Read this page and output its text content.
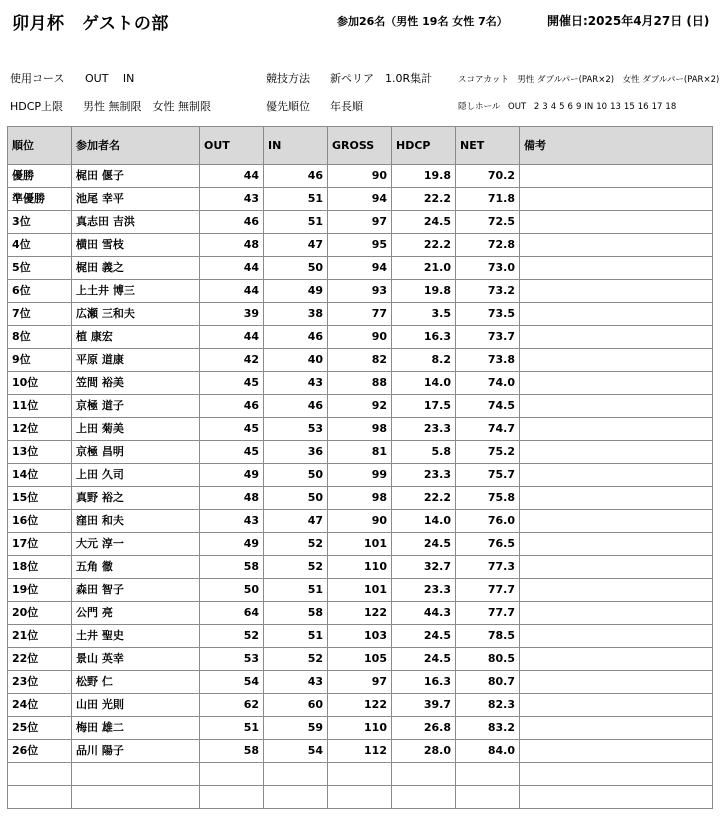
卯月杯　ゲストの部	参加26名（男性 19名 女性 7名）	開催日:2025年4月27日 (日)
使用コース OUT　 IN
HDCP上限 男性 無制限　女性 無制限
競技方法 新ペリア　1.0R集計
優先順位 年長順
スコアカット　男性 ダブルパー(PAR×2)　女性 ダブルパー(PAR×2)
隠しホール OUT 2 3 4 5 6 9 IN 10 13 15 16 17 18
順位	参加者名	OUT	IN	GROSS	HDCP	NET	備考
優勝	梶田 偃子	44	46	90	19.8	70.2	
準優勝	池尾 幸平	43	51	94	22.2	71.8	
3位	真志田 吉洪	46	51	97	24.5	72.5	
4位	横田 雪枝	48	47	95	22.2	72.8	
5位	梶田 義之	44	50	94	21.0	73.0	
6位	上土井 博三	44	49	93	19.8	73.2	
7位	広瀬 三和夫	39	38	77	3.5	73.5	
8位	植 康宏	44	46	90	16.3	73.7	
9位	平原 道康	42	40	82	8.2	73.8	
10位	笠間 裕美	45	43	88	14.0	74.0	
11位	京極 道子	46	46	92	17.5	74.5	
12位	上田 菊美	45	53	98	23.3	74.7	
13位	京極 昌明	45	36	81	5.8	75.2	
14位	上田 久司	49	50	99	23.3	75.7	
15位	真野 裕之	48	50	98	22.2	75.8	
16位	窪田 和夫	43	47	90	14.0	76.0	
17位	大元 淳一	49	52	101	24.5	76.5	
18位	五角 徹	58	52	110	32.7	77.3	
19位	森田 智子	50	51	101	23.3	77.7	
20位	公門 亮	64	58	122	44.3	77.7	
21位	土井 聖史	52	51	103	24.5	78.5	
22位	景山 英幸	53	52	105	24.5	80.5	
23位	松野 仁	54	43	97	16.3	80.7	
24位	山田 光則	62	60	122	39.7	82.3	
25位	梅田 雄二	51	59	110	26.8	83.2	
26位	品川 陽子	58	54	112	28.0	84.0	
